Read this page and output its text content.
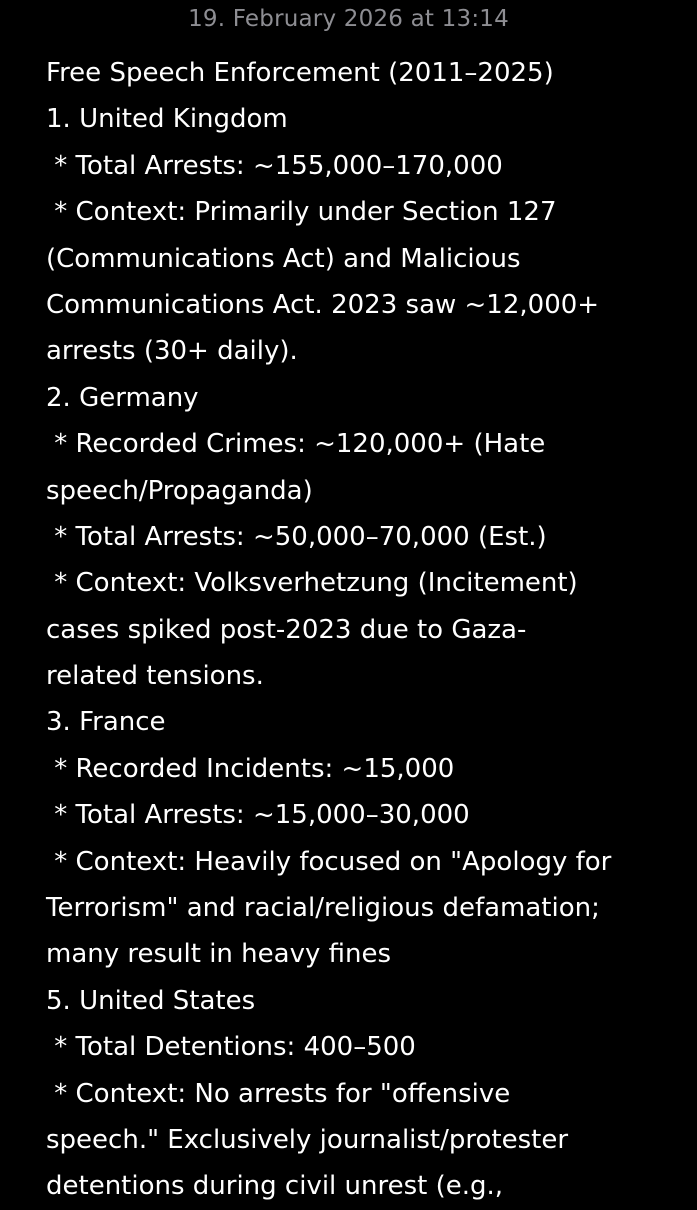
19. February 2026 at 13:14
Free Speech Enforcement (2011–2025)
1. United Kingdom
* Total Arrests: ~155,000–170,000
* Context: Primarily under Section 127
(Communications Act) and Malicious
Communications Act. 2023 saw ~12,000+
arrests (30+ daily).
2. Germany
* Recorded Crimes: ~120,000+ (Hate
speech/Propaganda)
* Total Arrests: ~50,000–70,000 (Est.)
* Context: Volksverhetzung (Incitement)
cases spiked post-2023 due to Gaza-
related tensions.
3. France
* Recorded Incidents: ~15,000
* Total Arrests: ~15,000–30,000
* Context: Heavily focused on "Apology for
Terrorism" and racial/religious defamation;
many result in heavy fines
5. United States
* Total Detentions: 400–500
* Context: No arrests for "offensive
speech." Exclusively journalist/protester
detentions during civil unrest (e.g.,
